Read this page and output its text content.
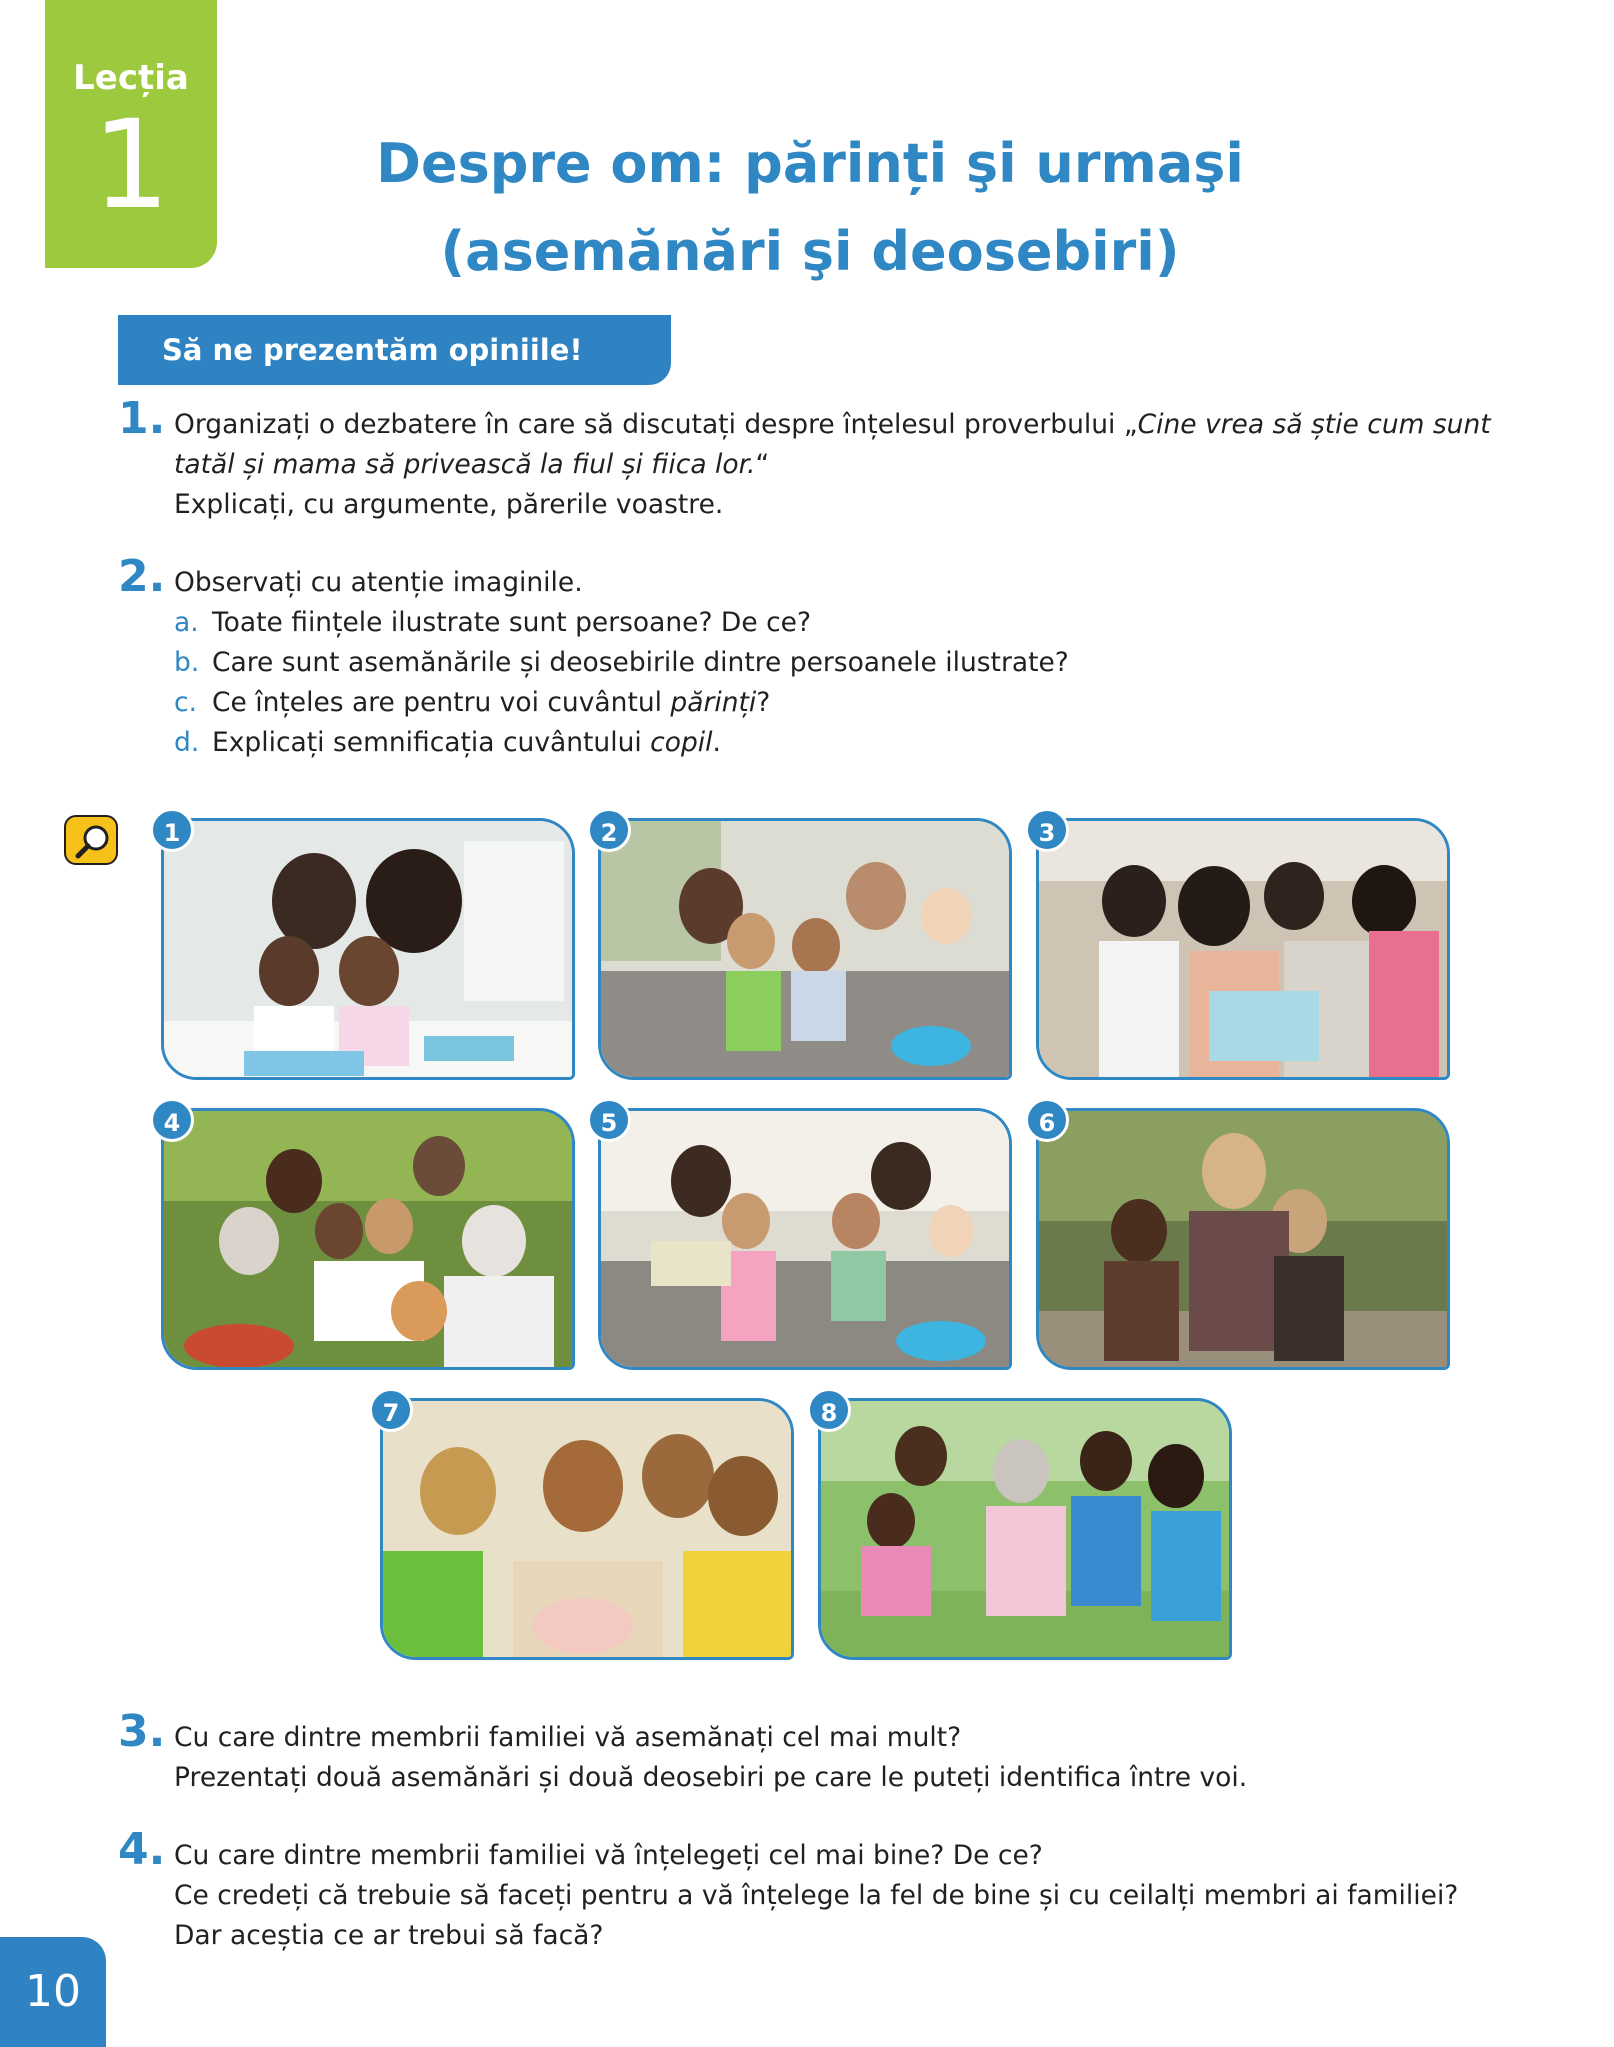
Lecția
1	Despre om: părinți şi urmaşi
(asemănări şi deosebiri)
Să ne prezentăm opiniile!
1. Organizați o dezbatere în care să discutați despre înțelesul proverbului „Cine vrea să știe cum sunt tatăl și mama să privească la fiul și fiica lor.“
Explicați, cu argumente, părerile voastre.
2. Observați cu atenție imaginile.
a. Toate ființele ilustrate sunt persoane? De ce?
b. Care sunt asemănările și deosebirile dintre persoanele ilustrate?
c. Ce înțeles are pentru voi cuvântul părinți?
d. Explicați semnificația cuvântului copil.
1	2	3
4	5	6
7	8
3. Cu care dintre membrii familiei vă asemănați cel mai mult?
Prezentați două asemănări și două deosebiri pe care le puteți identifica între voi.
4. Cu care dintre membrii familiei vă înțelegeți cel mai bine? De ce?
Ce credeți că trebuie să faceți pentru a vă înțelege la fel de bine și cu ceilalți membri ai familiei?
Dar aceștia ce ar trebui să facă?
10
